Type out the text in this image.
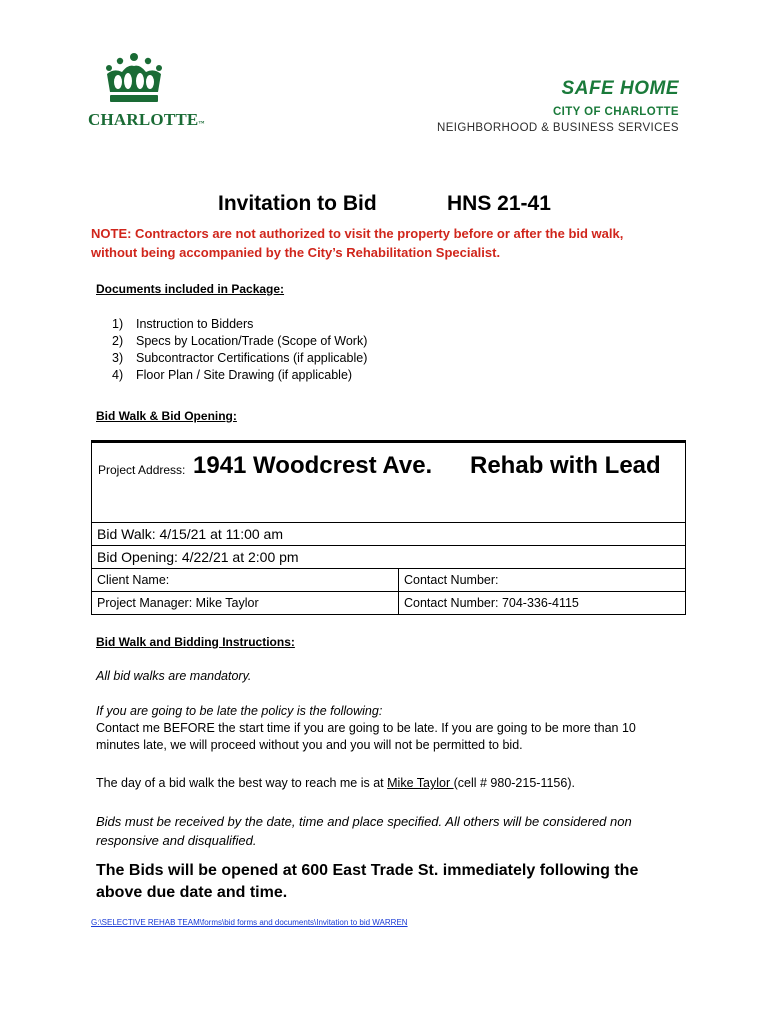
CHARLOTTE™
SAFE HOME
CITY OF CHARLOTTE
NEIGHBORHOOD & BUSINESS SERVICES
Invitation to Bid	HNS 21-41
NOTE: Contractors are not authorized to visit the property before or after the bid walk, without being accompanied by the City’s Rehabilitation Specialist.
Documents included in Package:
1) Instruction to Bidders
2) Specs by Location/Trade (Scope of Work)
3) Subcontractor Certifications (if applicable)
4) Floor Plan / Site Drawing (if applicable)
Bid Walk & Bid Opening:
Project Address: 1941 Woodcrest Ave. Rehab with Lead
Bid Walk: 4/15/21 at 11:00 am
Bid Opening: 4/22/21 at 2:00 pm
Client Name:	Contact Number:
Project Manager: Mike Taylor	Contact Number: 704-336-4115
Bid Walk and Bidding Instructions:
All bid walks are mandatory.
If you are going to be late the policy is the following:
Contact me BEFORE the start time if you are going to be late. If you are going to be more than 10 minutes late, we will proceed without you and you will not be permitted to bid.
The day of a bid walk the best way to reach me is at Mike Taylor (cell # 980-215-1156).
Bids must be received by the date, time and place specified. All others will be considered non responsive and disqualified.
The Bids will be opened at 600 East Trade St. immediately following the above due date and time.
G:\SELECTIVE REHAB TEAM\forms\bid forms and documents\Invitation to bid WARREN
